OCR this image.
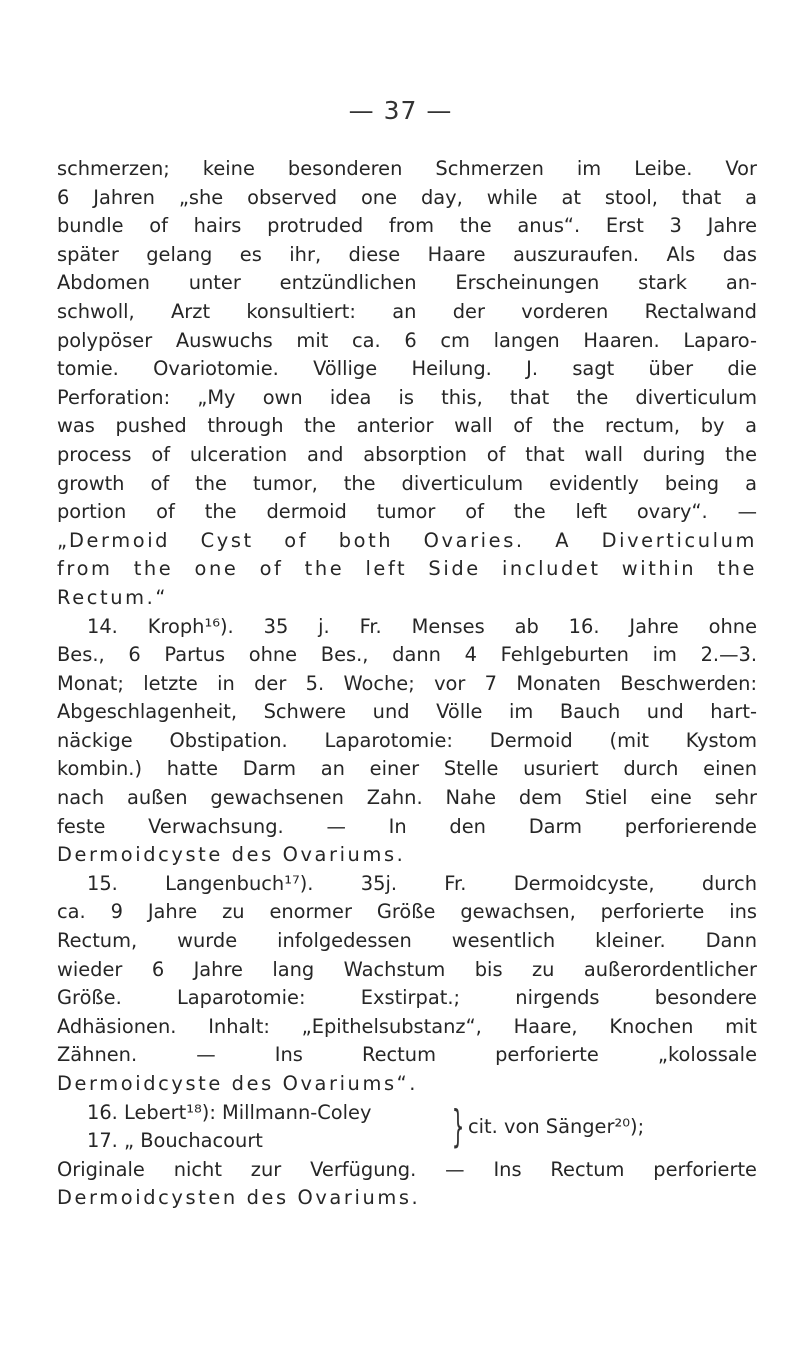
— 37 —
schmerzen; keine besonderen Schmerzen im Leibe. Vor
6 Jahren „she observed one day, while at stool, that a
bundle of hairs protruded from the anus“. Erst 3 Jahre
später gelang es ihr, diese Haare auszuraufen. Als das
Abdomen unter entzündlichen Erscheinungen stark an-
schwoll, Arzt konsultiert: an der vorderen Rectalwand
polypöser Auswuchs mit ca. 6 cm langen Haaren. Laparo-
tomie. Ovariotomie. Völlige Heilung. J. sagt über die
Perforation: „My own idea is this, that the diverticulum
was pushed through the anterior wall of the rectum, by a
process of ulceration and absorption of that wall during the
growth of the tumor, the diverticulum evidently being a
portion of the dermoid tumor of the left ovary“. —
„Dermoid Cyst of both Ovaries. A Diverticulum
from the one of the left Side includet within the
Rectum.“
14. Kroph¹⁶). 35 j. Fr. Menses ab 16. Jahre ohne
Bes., 6 Partus ohne Bes., dann 4 Fehlgeburten im 2.—3.
Monat; letzte in der 5. Woche; vor 7 Monaten Beschwerden:
Abgeschlagenheit, Schwere und Völle im Bauch und hart-
näckige Obstipation. Laparotomie: Dermoid (mit Kystom
kombin.) hatte Darm an einer Stelle usuriert durch einen
nach außen gewachsenen Zahn. Nahe dem Stiel eine sehr
feste Verwachsung. — In den Darm perforierende
Dermoidcyste des Ovariums.
15. Langenbuch¹⁷). 35j. Fr. Dermoidcyste, durch
ca. 9 Jahre zu enormer Größe gewachsen, perforierte ins
Rectum, wurde infolgedessen wesentlich kleiner. Dann
wieder 6 Jahre lang Wachstum bis zu außerordentlicher
Größe. Laparotomie: Exstirpat.; nirgends besondere
Adhäsionen. Inhalt: „Epithelsubstanz“, Haare, Knochen mit
Zähnen. — Ins Rectum perforierte „kolossale
Dermoidcyste des Ovariums“.
16. Lebert¹⁸): Millmann-Coley
17. „ Bouchacourt	} cit. von Sänger²⁰);
Originale nicht zur Verfügung. — Ins Rectum perforierte
Dermoidcysten des Ovariums.
